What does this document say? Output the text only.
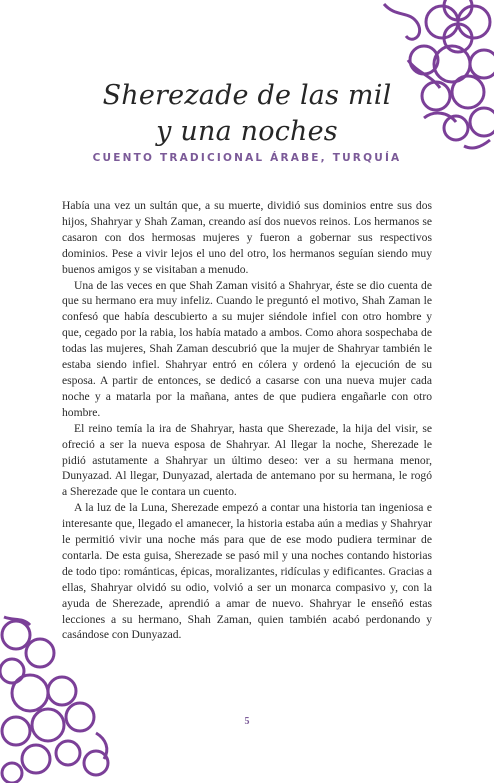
Sherezade de las mil
y una noches
CUENTO TRADICIONAL ÁRABE, TURQUÍA

Había una vez un sultán que, a su muerte, dividió sus dominios entre sus dos hijos, Shahryar y Shah Zaman, creando así dos nuevos reinos. Los hermanos se casaron con dos hermosas mujeres y fueron a gobernar sus respectivos dominios. Pese a vivir lejos el uno del otro, los hermanos seguían siendo muy buenos amigos y se visitaban a menudo.

Una de las veces en que Shah Zaman visitó a Shahryar, éste se dio cuenta de que su hermano era muy infeliz. Cuando le preguntó el motivo, Shah Zaman le confesó que había descubierto a su mujer siéndole infiel con otro hombre y que, cegado por la rabia, los había matado a ambos. Como ahora sospechaba de todas las mujeres, Shah Zaman descubrió que la mujer de Shahryar también le estaba siendo infiel. Shahryar entró en cólera y ordenó la ejecución de su esposa. A partir de entonces, se dedicó a casarse con una nueva mujer cada noche y a matarla por la mañana, antes de que pudiera engañarle con otro hombre.

El reino temía la ira de Shahryar, hasta que Sherezade, la hija del visir, se ofreció a ser la nueva esposa de Shahryar. Al llegar la noche, Sherezade le pidió astutamente a Shahryar un último deseo: ver a su hermana menor, Dunyazad. Al llegar, Dunyazad, alertada de antemano por su hermana, le rogó a Sherezade que le contara un cuento.

A la luz de la Luna, Sherezade empezó a contar una historia tan ingeniosa e interesante que, llegado el amanecer, la historia estaba aún a medias y Shahryar le permitió vivir una noche más para que de ese modo pudiera terminar de contarla. De esta guisa, Sherezade se pasó mil y una noches contando historias de todo tipo: románticas, épicas, moralizantes, ridículas y edificantes. Gracias a ellas, Shahryar olvidó su odio, volvió a ser un monarca compasivo y, con la ayuda de Sherezade, aprendió a amar de nuevo. Shahryar le enseñó estas lecciones a su hermano, Shah Zaman, quien también acabó perdonando y casándose con Dunyazad.

5
